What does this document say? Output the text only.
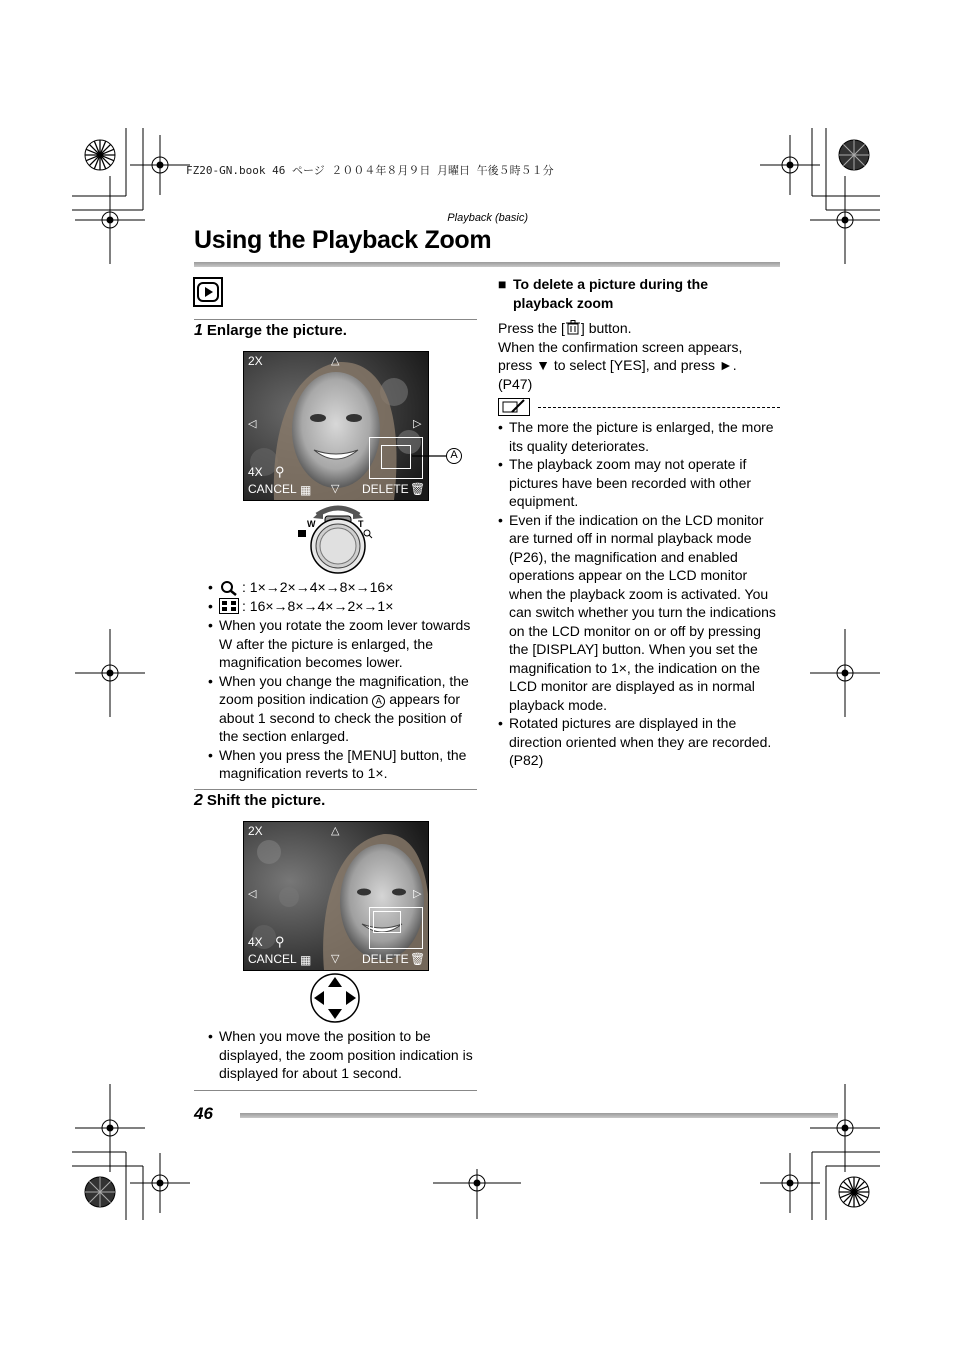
FZ20-GN.book 46 ページ ２００４年８月９日 月曜日 午後５時５１分
Playback (basic)
Using the Playback Zoom
1 Enlarge the picture.
2X	△
◁	▷
4X ⚲
CANCEL ▦ ▽ DELETE 🗑
A
W	T
• : 1×→2×→4×→8×→16×
• : 16×→8×→4×→2×→1×
• When you rotate the zoom lever towards W after the picture is enlarged, the magnification becomes lower.
• When you change the magnification, the zoom position indication A appears for about 1 second to check the position of the section enlarged.
• When you press the [MENU] button, the magnification reverts to 1×.
2 Shift the picture.
2X	△
◁	▷
4X ⚲
CANCEL ▦ ▽ DELETE 🗑
• When you move the position to be displayed, the zoom position indication is displayed for about 1 second.
■ To delete a picture during the playback zoom
Press the [ ] button.
When the confirmation screen appears, press ▼ to select [YES], and press ►.
(P47)
• The more the picture is enlarged, the more its quality deteriorates.
• The playback zoom may not operate if pictures have been recorded with other equipment.
• Even if the indication on the LCD monitor are turned off in normal playback mode (P26), the magnification and enabled operations appear on the LCD monitor when the playback zoom is activated. You can switch whether you turn the indications on the LCD monitor on or off by pressing the [DISPLAY] button. When you set the magnification to 1×, the indication on the LCD monitor are displayed as in normal playback mode.
• Rotated pictures are displayed in the direction oriented when they are recorded. (P82)
46
